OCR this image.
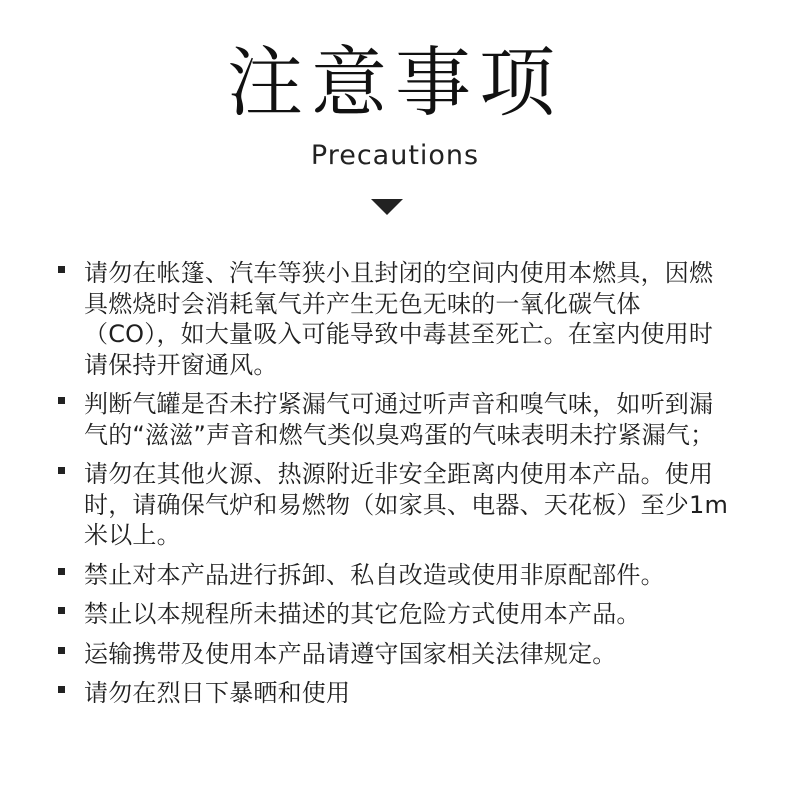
注意事项
Precautions
请勿在帐篷、汽车等狭小且封闭的空间内使用本燃具，因燃具燃烧时会消耗氧气并产生无色无味的一氧化碳气体（CO），如大量吸入可能导致中毒甚至死亡。在室内使用时请保持开窗通风。
判断气罐是否未拧紧漏气可通过听声音和嗅气味，如听到漏气的“滋滋”声音和燃气类似臭鸡蛋的气味表明未拧紧漏气；
请勿在其他火源、热源附近非安全距离内使用本产品。使用时，请确保气炉和易燃物（如家具、电器、天花板）至少1m米以上。
禁止对本产品进行拆卸、私自改造或使用非原配部件。
禁止以本规程所未描述的其它危险方式使用本产品。
运输携带及使用本产品请遵守国家相关法律规定。
请勿在烈日下暴晒和使用
